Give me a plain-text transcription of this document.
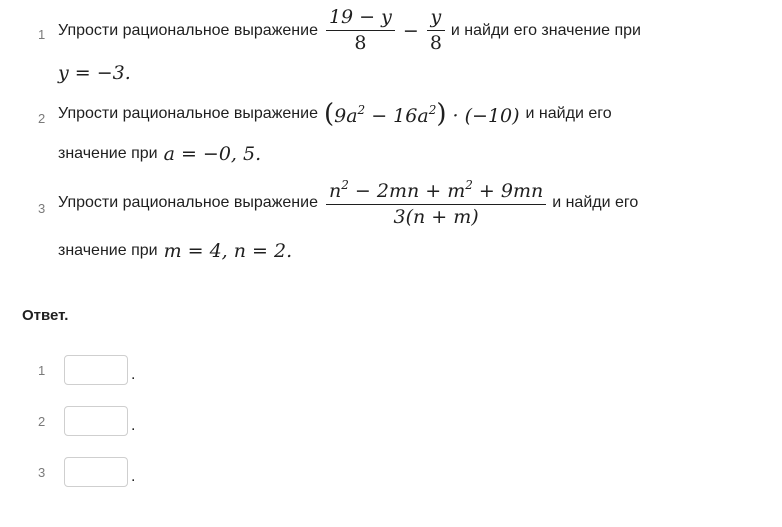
1 Упрости рациональное выражение $\frac{19 - y}{8} - \frac{y}{8}$ и найди его значение при
y = −3.
2 Упрости рациональное выражение $(9a^2 - 16a^2) \cdot (-10)$ и найди его
значение при a = −0, 5.
3 Упрости рациональное выражение $\frac{n^2 - 2mn + m^2 + 9mn}{3(n + m)}$ и найди его
значение при m = 4, n = 2.
Ответ.
1	.
2	.
3	.
